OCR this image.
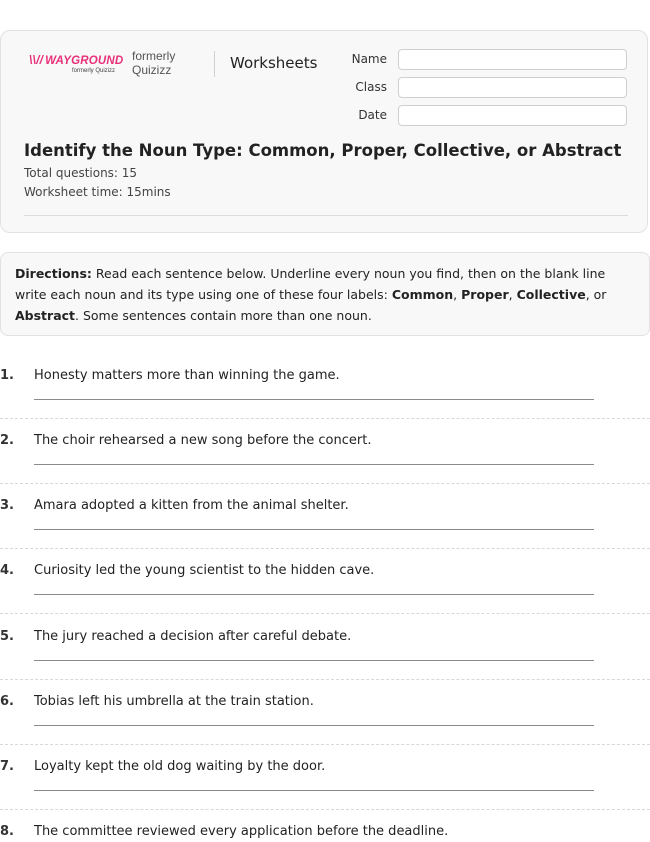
\\// WAYGROUND
formerly Quizizz
formerly Quizizz	Worksheets	Name
Class
Date
Identify the Noun Type: Common, Proper, Collective, or Abstract
Total questions: 15
Worksheet time: 15mins
Directions: Read each sentence below. Underline every noun you find, then on the blank line write each noun and its type using one of these four labels: Common, Proper, Collective, or Abstract. Some sentences contain more than one noun.
1. Honesty matters more than winning the game.
2. The choir rehearsed a new song before the concert.
3. Amara adopted a kitten from the animal shelter.
4. Curiosity led the young scientist to the hidden cave.
5. The jury reached a decision after careful debate.
6. Tobias left his umbrella at the train station.
7. Loyalty kept the old dog waiting by the door.
8. The committee reviewed every application before the deadline.
